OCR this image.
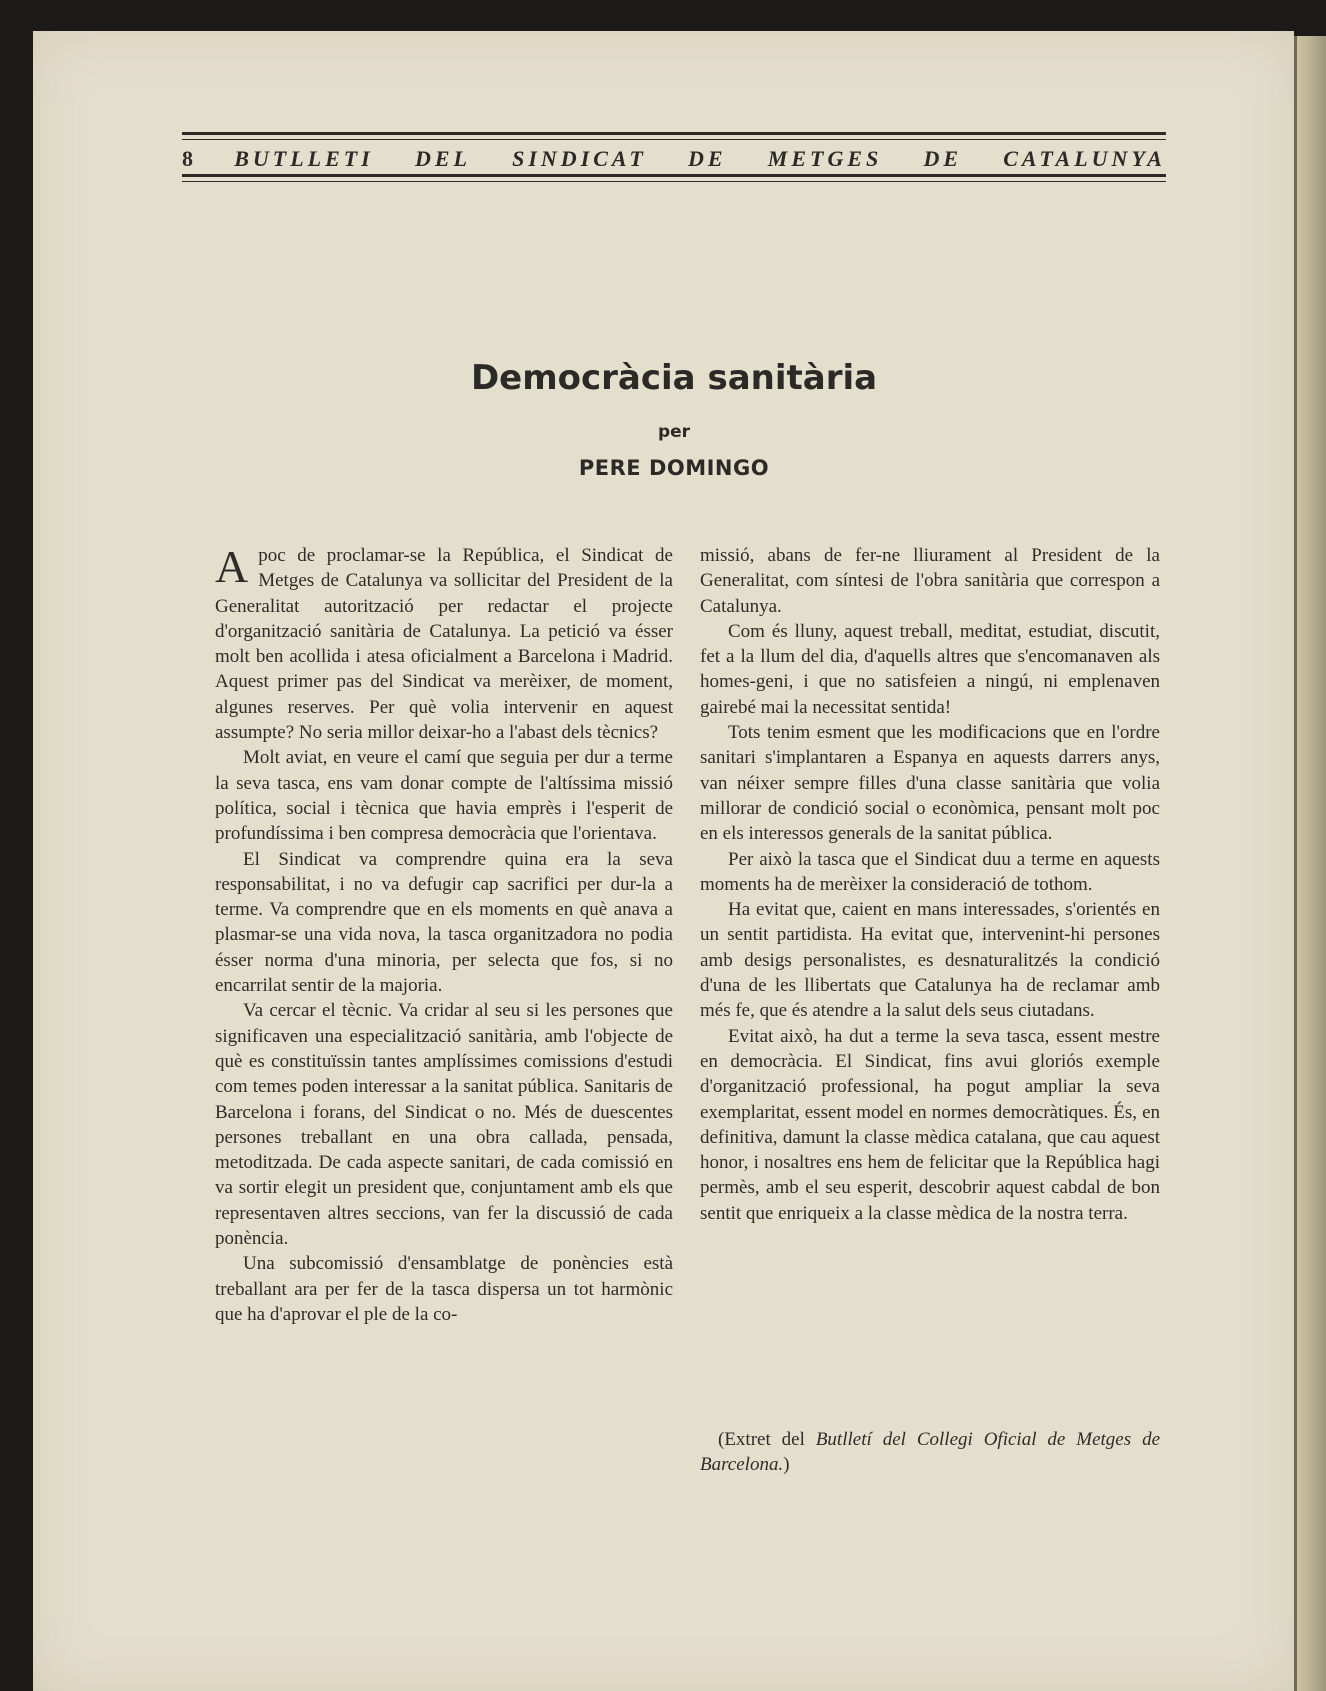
8 BUTLLETI DEL SINDICAT DE METGES DE CATALUNYA
Democràcia sanitària
per
PERE DOMINGO

Apoc de proclamar-se la República, el Sindicat de Metges de Catalunya va sollicitar del President de la Generalitat autorització per redactar el projecte d'organització sanitària de Catalunya. La petició va ésser molt ben acollida i atesa oficialment a Barcelona i Madrid. Aquest primer pas del Sindicat va merèixer, de moment, algunes reserves. Per què volia intervenir en aquest assumpte? No seria millor deixar-ho a l'abast dels tècnics?

Molt aviat, en veure el camí que seguia per dur a terme la seva tasca, ens vam donar compte de l'altíssima missió política, social i tècnica que havia emprès i l'esperit de profundíssima i ben compresa democràcia que l'orientava.

El Sindicat va comprendre quina era la seva responsabilitat, i no va defugir cap sacrifici per dur-la a terme. Va comprendre que en els moments en què anava a plasmar-se una vida nova, la tasca organitzadora no podia ésser norma d'una minoria, per selecta que fos, si no encarrilat sentir de la majoria.

Va cercar el tècnic. Va cridar al seu si les persones que significaven una especialització sanitària, amb l'objecte de què es constituïssin tantes amplíssimes comissions d'estudi com temes poden interessar a la sanitat pública. Sanitaris de Barcelona i forans, del Sindicat o no. Més de duescentes persones treballant en una obra callada, pensada, metoditzada. De cada aspecte sanitari, de cada comissió en va sortir elegit un president que, conjuntament amb els que representaven altres seccions, van fer la discussió de cada ponència.

Una subcomissió d'ensamblatge de ponències està treballant ara per fer de la tasca dispersa un tot harmònic que ha d'aprovar el ple de la co-

missió, abans de fer-ne lliurament al President de la Generalitat, com síntesi de l'obra sanitària que correspon a Catalunya.

Com és lluny, aquest treball, meditat, estudiat, discutit, fet a la llum del dia, d'aquells altres que s'encomanaven als homes-geni, i que no satisfeien a ningú, ni emplenaven gairebé mai la necessitat sentida!

Tots tenim esment que les modificacions que en l'ordre sanitari s'implantaren a Espanya en aquests darrers anys, van néixer sempre filles d'una classe sanitària que volia millorar de condició social o econòmica, pensant molt poc en els interessos generals de la sanitat pública.

Per això la tasca que el Sindicat duu a terme en aquests moments ha de merèixer la consideració de tothom.

Ha evitat que, caient en mans interessades, s'orientés en un sentit partidista. Ha evitat que, intervenint-hi persones amb desigs personalistes, es desnaturalitzés la condició d'una de les llibertats que Catalunya ha de reclamar amb més fe, que és atendre a la salut dels seus ciutadans.

Evitat això, ha dut a terme la seva tasca, essent mestre en democràcia. El Sindicat, fins avui gloriós exemple d'organització professional, ha pogut ampliar la seva exemplaritat, essent model en normes democràtiques. És, en definitiva, damunt la classe mèdica catalana, que cau aquest honor, i nosaltres ens hem de felicitar que la República hagi permès, amb el seu esperit, descobrir aquest cabdal de bon sentit que enriqueix a la classe mèdica de la nostra terra.

(Extret del Butlletí del Collegi Oficial de Metges de Barcelona.)
